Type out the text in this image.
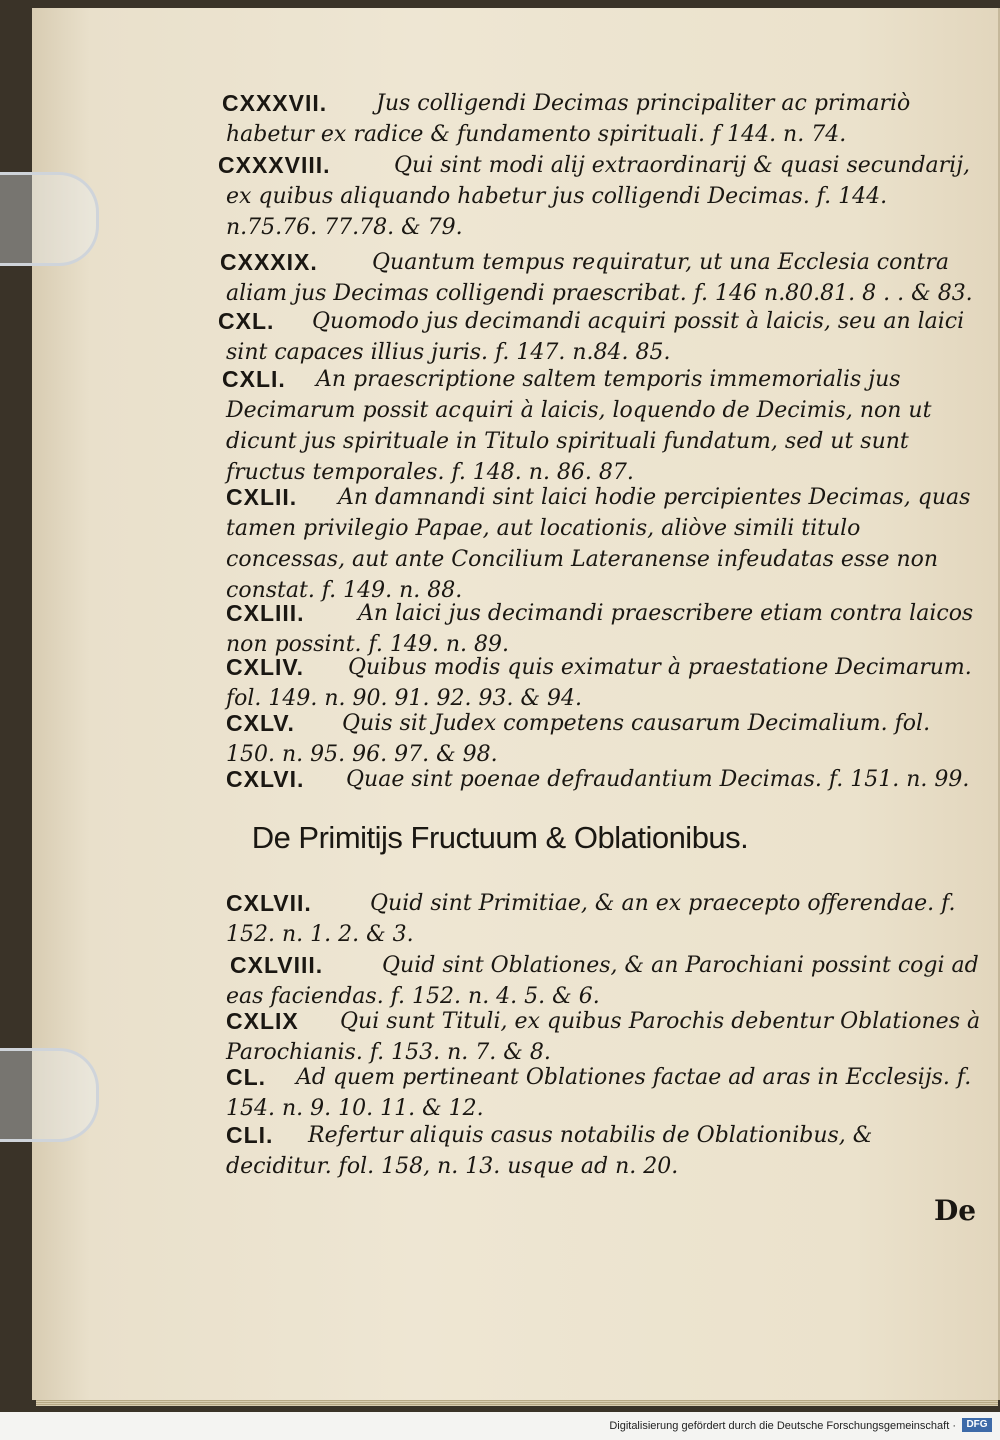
CXXXVII.	Jus colligendi Decimas principaliter ac primariò habetur ex radice & fundamento spirituali. f 144. n. 74.
CXXXVIII.	Qui sint modi alij extraordinarij & quasi secundarij, ex quibus aliquando habetur jus colligendi Decimas. f. 144. n.75.76. 77.78. & 79.
CXXXIX.	Quantum tempus requiratur, ut una Ecclesia contra aliam jus Decimas colligendi praescribat. f. 146 n.80.81. 8 . . & 83.
CXL.	Quomodo jus decimandi acquiri possit à laicis, seu an laici sint capaces illius juris. f. 147. n.84. 85.
CXLI.	An praescriptione saltem temporis immemorialis jus Decimarum possit acquiri à laicis, loquendo de Decimis, non ut dicunt jus spirituale in Titulo spirituali fundatum, sed ut sunt fructus temporales. f. 148. n. 86. 87.
CXLII.	An damnandi sint laici hodie percipientes Decimas, quas tamen privilegio Papae, aut locationis, aliòve simili titulo concessas, aut ante Concilium Lateranense infeudatas esse non constat. f. 149. n. 88.
CXLIII.	An laici jus decimandi praescribere etiam contra laicos non possint. f. 149. n. 89.
CXLIV.	Quibus modis quis eximatur à praestatione Decimarum. fol. 149. n. 90. 91. 92. 93. & 94.
CXLV.	Quis sit Judex competens causarum Decimalium. fol. 150. n. 95. 96. 97. & 98.
CXLVI.	Quae sint poenae defraudantium Decimas. f. 151. n. 99.
De Primitijs Fructuum & Oblationibus.
CXLVII.	Quid sint Primitiae, & an ex praecepto offerendae. f. 152. n. 1. 2. & 3.
CXLVIII.	Quid sint Oblationes, & an Parochiani possint cogi ad eas faciendas. f. 152. n. 4. 5. & 6.
CXLIX	Qui sunt Tituli, ex quibus Parochis debentur Oblationes à Parochianis. f. 153. n. 7. & 8.
CL.	Ad quem pertineant Oblationes factae ad aras in Ecclesijs. f. 154. n. 9. 10. 11. & 12.
CLI.	Refertur aliquis casus notabilis de Oblationibus, & deciditur. fol. 158, n. 13. usque ad n. 20.
De
Digitalisierung gefördert durch die Deutsche Forschungsgemeinschaft ·	DFG
